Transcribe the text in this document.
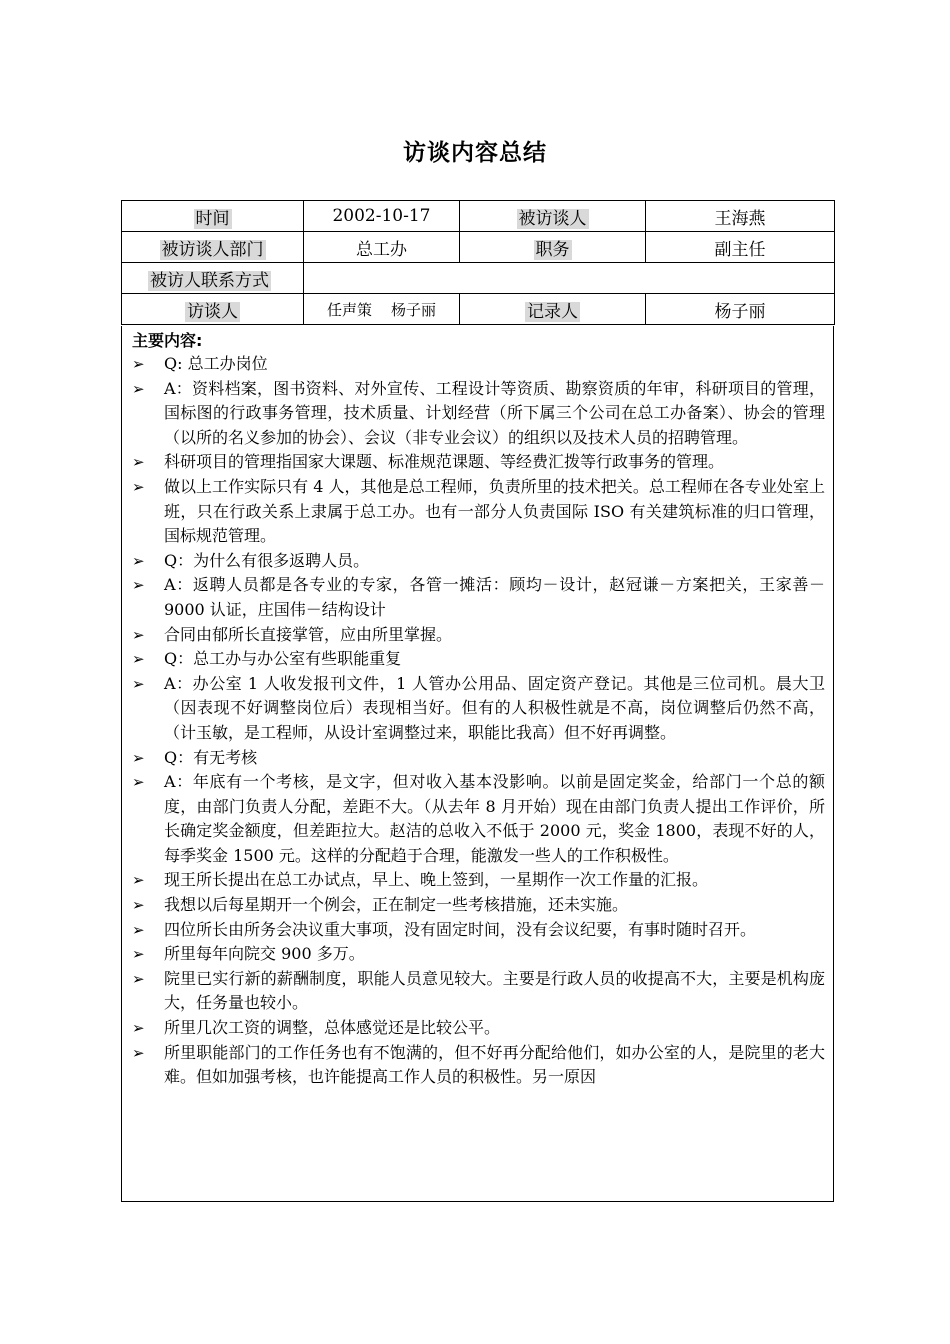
访谈内容总结
时间	2002-10-17	被访谈人	王海燕
被访谈人部门	总工办	职务	副主任
被访人联系方式			
访谈人	任声策    杨子丽	记录人	杨子丽
主要内容:
➢ Q: 总工办岗位
➢ A：资料档案，图书资料、对外宣传、工程设计等资质、勘察资质的年审，科研项目的管理，国标图的行政事务管理，技术质量、计划经营（所下属三个公司在总工办备案）、协会的管理（以所的名义参加的协会）、会议（非专业会议）的组织以及技术人员的招聘管理。
➢ 科研项目的管理指国家大课题、标准规范课题、等经费汇拨等行政事务的管理。
➢ 做以上工作实际只有 4 人，其他是总工程师，负责所里的技术把关。总工程师在各专业处室上班，只在行政关系上隶属于总工办。也有一部分人负责国际 ISO 有关建筑标准的归口管理，国标规范管理。
➢ Q：为什么有很多返聘人员。
➢ A：返聘人员都是各专业的专家，各管一摊活：顾均－设计，赵冠谦－方案把关，王家善－9000 认证，庄国伟－结构设计
➢ 合同由郁所长直接掌管，应由所里掌握。
➢ Q：总工办与办公室有些职能重复
➢ A：办公室 1 人收发报刊文件，1 人管办公用品、固定资产登记。其他是三位司机。晨大卫（因表现不好调整岗位后）表现相当好。但有的人积极性就是不高，岗位调整后仍然不高，（计玉敏，是工程师，从设计室调整过来，职能比我高）但不好再调整。
➢ Q：有无考核
➢ A：年底有一个考核，是文字，但对收入基本没影响。以前是固定奖金，给部门一个总的额度，由部门负责人分配，差距不大。（从去年 8 月开始）现在由部门负责人提出工作评价，所长确定奖金额度，但差距拉大。赵洁的总收入不低于 2000 元，奖金 1800，表现不好的人，每季奖金 1500 元。这样的分配趋于合理，能激发一些人的工作积极性。
➢ 现王所长提出在总工办试点，早上、晚上签到，一星期作一次工作量的汇报。
➢ 我想以后每星期开一个例会，正在制定一些考核措施，还未实施。
➢ 四位所长由所务会决议重大事项，没有固定时间，没有会议纪要，有事时随时召开。
➢ 所里每年向院交 900 多万。
➢ 院里已实行新的薪酬制度，职能人员意见较大。主要是行政人员的收提高不大，主要是机构庞大，任务量也较小。
➢ 所里几次工资的调整，总体感觉还是比较公平。
➢ 所里职能部门的工作任务也有不饱满的，但不好再分配给他们，如办公室的人，是院里的老大难。但如加强考核，也许能提高工作人员的积极性。另一原因
